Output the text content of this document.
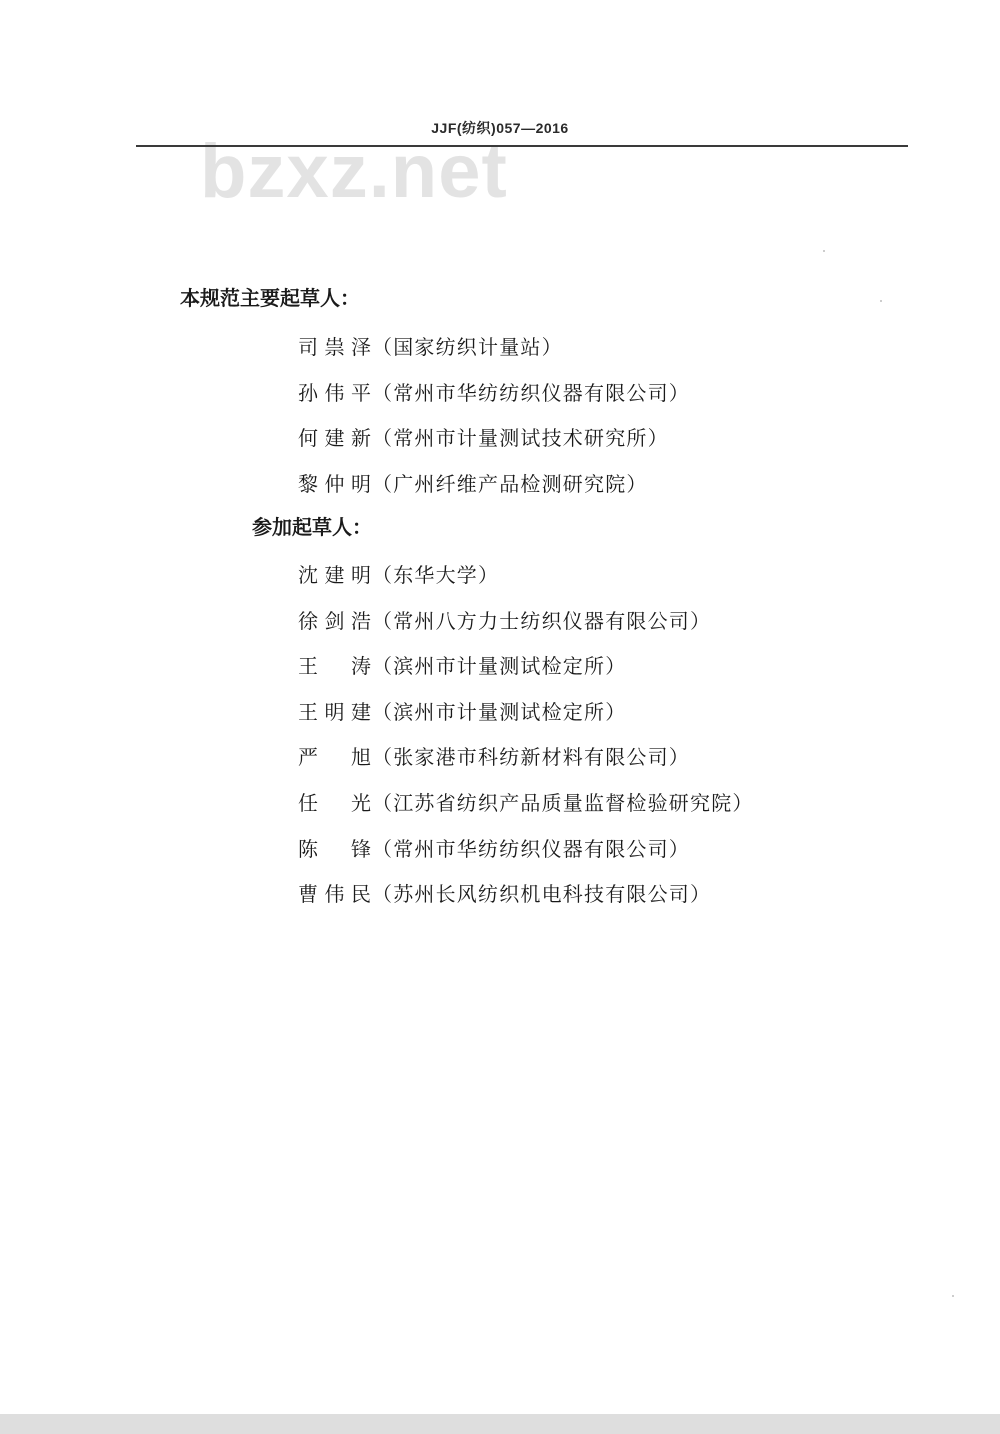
bzxz.net
JJF(纺织)057—2016
本规范主要起草人：
司祟泽 （国家纺织计量站）
孙伟平 （常州市华纺纺织仪器有限公司）
何建新 （常州市计量测试技术研究所）
黎仲明 （广州纤维产品检测研究院）
参加起草人：
沈建明 （东华大学）
徐剑浩 （常州八方力士纺织仪器有限公司）
王涛 （滨州市计量测试检定所）
王明建 （滨州市计量测试检定所）
严旭 （张家港市科纺新材料有限公司）
任光 （江苏省纺织产品质量监督检验研究院）
陈锋 （常州市华纺纺织仪器有限公司）
曹伟民 （苏州长风纺织机电科技有限公司）
